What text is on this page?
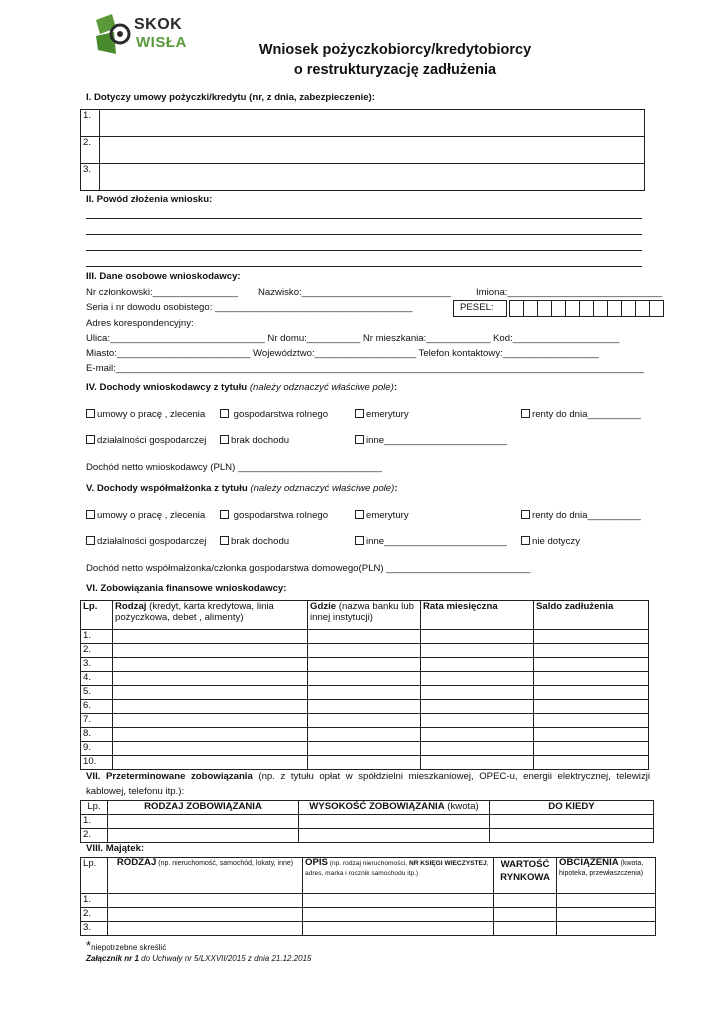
SKOK
WISŁA	Wniosek pożyczkobiorcy/kredytobiorcy
o restrukturyzację zadłużenia
I. Dotyczy umowy pożyczki/kredytu (nr, z dnia, zabezpieczenie):
1.	
2.	
3.	
II. Powód złożenia wniosku:
III. Dane osobowe wnioskodawcy:
Nr członkowski:________________ Nazwisko:____________________________	Imiona:_____________________________
Seria i nr dowodu osobistego: _____________________________________	PESEL:
Adres korespondencyjny:
Ulica:_____________________________ Nr domu:__________ Nr mieszkania:____________ Kod:____________________
Miasto:_________________________ Województwo:___________________ Telefon kontaktowy:__________________
E-mail:___________________________________________________________________________________________________
IV. Dochody wnioskodawcy z tytułu (należy odznaczyć właściwe pole):
umowy o pracę , zlecenia	gospodarstwa rolnego	emerytury	renty do dnia__________
działalności gospodarczej	brak dochodu	inne_______________________
Dochód netto wnioskodawcy (PLN) ___________________________
V. Dochody współmałżonka z tytułu (należy odznaczyć właściwe pole):
umowy o pracę , zlecenia	gospodarstwa rolnego	emerytury	renty do dnia__________
działalności gospodarczej	brak dochodu	inne_______________________	nie dotyczy
Dochód netto współmałżonka/członka gospodarstwa domowego(PLN) ___________________________
VI. Zobowiązania finansowe wnioskodawcy:
Lp.	Rodzaj (kredyt, karta kredytowa, linia pożyczkowa, debet , alimenty)	Gdzie (nazwa banku lub innej instytucji)	Rata miesięczna	Saldo zadłużenia
1.				
2.				
3.				
4.				
5.				
6.				
7.				
8.				
9.				
10.				
VII. Przeterminowane zobowiązania (np. z tytułu opłat w spółdzielni mieszkaniowej, OPEC-u, energii elektrycznej, telewizji kablowej, telefonu itp.):
Lp.	RODZAJ ZOBOWIĄZANIA	WYSOKOŚĆ ZOBOWIĄZANIA (kwota)	DO KIEDY
1.			
2.			
VIII. Majątek:
Lp.	RODZAJ (np. nieruchomość, samochód, lokaty, inne)	OPIS (np. rodzaj nieruchomości, NR KSIĘGI WIECZYSTEJ, adres, marka i rocznik samochodu itp.)	WARTOŚĆ RYNKOWA	OBCIĄŻENIA (kwota, hipoteka, przewłaszczenia)
1.				
2.				
3.				
*niepotrzebne skreślić
Załącznik nr 1 do Uchwały nr 5/LXXVII/2015 z dnia 21.12.2015
